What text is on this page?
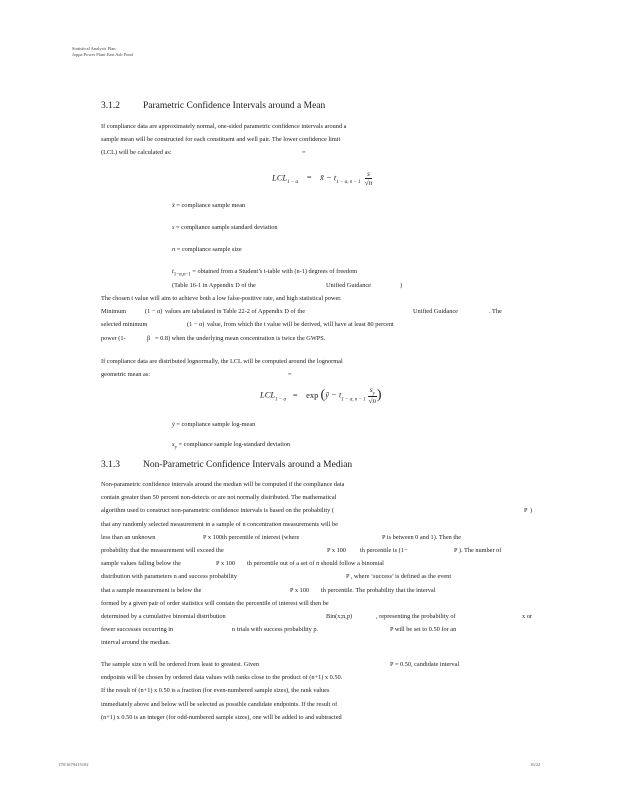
Statistical Analysis Plan
Joppa Power Plant East Ash Pond
3.1.2 Parametric Confidence Intervals around a Mean
If compliance data are approximately normal, one-sided parametric confidence intervals around a
sample mean will be constructed for each constituent and well pair. The lower confidence limit
(LCL) will be calculated as:	=
$LCL_{1 - \alpha}$ = x̄ − $t_{1 - \alpha, n - 1} \frac{s}{√n}$
x̄ = compliance sample mean
s = compliance sample standard deviation
n = compliance sample size
$t_{1-\alpha,n-1}$ = obtained from a Student’s t-table with (n-1) degrees of freedom
(Table 16-1 in Appendix D of the	Unified Guidance	)
The chosen t value will aim to achieve both a low false-positive rate, and high statistical power.
Minimum	(1 − α) values are tabulated in Table 22-2 of Appendix D of the	Unified Guidance	. The
selected minimum	(1 − α) value, from which the t value will be derived, will have at least 80 percent
power (1-	β = 0.8) when the underlying mean concentration is twice the GWPS.
If compliance data are distributed lognormally, the LCL will be computed around the lognormal
geometric mean as:	=
$LCL_{1 - \alpha} = \exp$ (ȳ − $t_{1 - \alpha, n - 1} \frac{s_y}{√n}$ )
ȳ = compliance sample log-mean
$s_y$ = compliance sample log-standard deviation
3.1.3 Non-Parametric Confidence Intervals around a Median
Non-parametric confidence intervals around the median will be computed if the compliance data
contain greater than 50 percent non-detects or are not normally distributed. The mathematical
algorithm used to construct non-parametric confidence intervals is based on the probability (	P )
that any randomly selected measurement in a sample of n concentration measurements will be
less than an unknown	P x 100th percentile of interest (where	P is between 0 and 1). Then the
probability that the measurement will exceed the	P x 100 th percentile is (1−	P ). The number of
sample values falling below the	P x 100 th percentile out of a set of n should follow a binomial
distribution with parameters n and success probability	P , where ‘success’ is defined as the event
that a sample measurement is below the	P x 100 th percentile. The probability that the interval
formed by a given pair of order statistics will contain the percentile of interest will then be
determined by a cumulative binomial distribution	Bin(x;n,p)	, representing the probability of	x or
fewer successes occurring in	n trials with success probability p.	P will be set to 0.50 for an
interval around the median.
The sample size n will be ordered from least to greatest. Given	P = 0.50, candidate interval
endpoints will be chosen by ordered data values with ranks close to the product of (n+1) x 0.50.
If the result of (n+1) x 0.50 is a fraction (for even-numbered sample sizes), the rank values
immediately above and below will be selected as possible candidate endpoints. If the result of
(n+1) x 0.50 is an integer (for odd-numbered sample sizes), one will be added to and subtracted
178/1679415102	16/22
